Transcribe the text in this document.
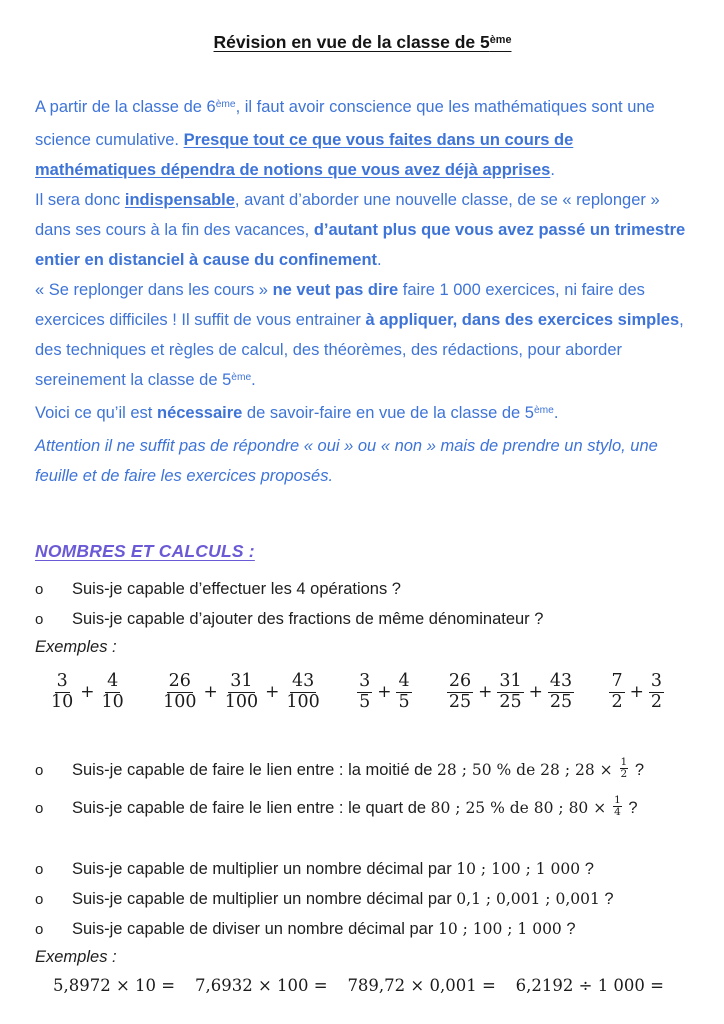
Révision en vue de la classe de 5ème

A partir de la classe de 6ème, il faut avoir conscience que les mathématiques sont une science cumulative. Presque tout ce que vous faites dans un cours de mathématiques dépendra de notions que vous avez déjà apprises.

Il sera donc indispensable, avant d’aborder une nouvelle classe, de se « replonger » dans ses cours à la fin des vacances, d’autant plus que vous avez passé un trimestre entier en distanciel à cause du confinement.

« Se replonger dans les cours » ne veut pas dire faire 1 000 exercices, ni faire des exercices difficiles ! Il suffit de vous entrainer à appliquer, dans des exercices simples, des techniques et règles de calcul, des théorèmes, des rédactions, pour aborder sereinement la classe de 5ème.

Voici ce qu’il est nécessaire de savoir-faire en vue de la classe de 5ème.

Attention il ne suffit pas de répondre « oui » ou « non » mais de prendre un stylo, une feuille et de faire les exercices proposés.

NOMBRES ET CALCULS :
o	Suis-je capable d’effectuer les 4 opérations ?
o	Suis-je capable d’ajouter des fractions de même dénominateur ?

Exemples :

3
$10 + \frac{4}{10} 26$
$100 + \frac{31}{100} + \frac{43}{100} 3$
$5 + \frac{4}{5} 26$
$25 + \frac{31}{25} + \frac{43}{25} 7$
$2 + \frac{3}{2}$
o	Suis-je capable de faire le lien entre : la moitié de 28 ; 50 % de 28 ; $28 \times \frac{1}{2}$ ?
o	Suis-je capable de faire le lien entre : le quart de 80 ; 25 % de 80 ; $80 \times \frac{1}{4}$ ?
o	Suis-je capable de multiplier un nombre décimal par 10 ; 100 ; 1 000 ?
o	Suis-je capable de multiplier un nombre décimal par 0,1 ; 0,001 ; 0,001 ?
o	Suis-je capable de diviser un nombre décimal par 10 ; 100 ; 1 000 ?

Exemples :

5,8972 × 10 = 7,6932 × 100 = 789,72 × 0,001 = 6,2192 ÷ 1 000 =
